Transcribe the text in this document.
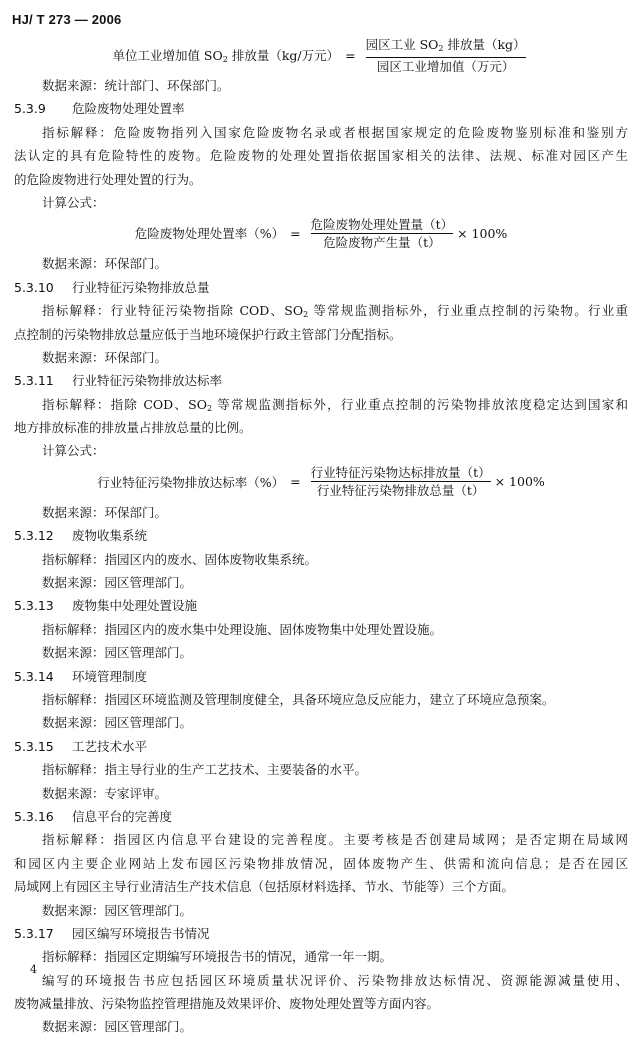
HJ/ T 273 — 2006
单位工业增加值 $SO_2$ 排放量（kg/万元） = $\frac{园区工业 SO_2 排放量(kg)}{\text{园区工业增加值（万元）}}$
数据来源：统计部门、环保部门。
5.3.9 危险废物处理处置率
指标解释：危险废物指列入国家危险废物名录或者根据国家规定的危险废物鉴别标准和鉴别方
法认定的具有危险特性的废物。危险废物的处理处置指依据国家相关的法律、法规、标准对园区产生
的危险废物进行处理处置的行为。
计算公式：
危险废物处理处置率（%） = $\frac{\text{危险废物处理处置量（t）}}{\text{危险废物产生量（t）}} \times 100\%$
数据来源：环保部门。
5.3.10 行业特征污染物排放总量
指标解释：行业特征污染物指除 COD、$SO_2$ 等常规监测指标外，行业重点控制的污染物。行业重
点控制的污染物排放总量应低于当地环境保护行政主管部门分配指标。
数据来源：环保部门。
5.3.11 行业特征污染物排放达标率
指标解释：指除 COD、$SO_2$ 等常规监测指标外，行业重点控制的污染物排放浓度稳定达到国家和
地方排放标准的排放量占排放总量的比例。
计算公式：
行业特征污染物排放达标率（%） = $\frac{\text{行业特征污染物达标排放量（t）}}{\text{行业特征污染物排放总量（t）}} \times 100\%$
数据来源：环保部门。
5.3.12 废物收集系统
指标解释：指园区内的废水、固体废物收集系统。
数据来源：园区管理部门。
5.3.13 废物集中处理处置设施
指标解释：指园区内的废水集中处理设施、固体废物集中处理处置设施。
数据来源：园区管理部门。
5.3.14 环境管理制度
指标解释：指园区环境监测及管理制度健全，具备环境应急反应能力，建立了环境应急预案。
数据来源：园区管理部门。
5.3.15 工艺技术水平
指标解释：指主导行业的生产工艺技术、主要装备的水平。
数据来源：专家评审。
5.3.16 信息平台的完善度
指标解释：指园区内信息平台建设的完善程度。主要考核是否创建局域网；是否定期在局域网
和园区内主要企业网站上发布园区污染物排放情况，固体废物产生、供需和流向信息；是否在园区
局域网上有园区主导行业清洁生产技术信息（包括原材料选择、节水、节能等）三个方面。
数据来源：园区管理部门。
5.3.17 园区编写环境报告书情况
指标解释：指园区定期编写环境报告书的情况，通常一年一期。
编写的环境报告书应包括园区环境质量状况评价、污染物排放达标情况、资源能源减量使用、
废物减量排放、污染物监控管理措施及效果评价、废物处理处置等方面内容。
数据来源：园区管理部门。
4
